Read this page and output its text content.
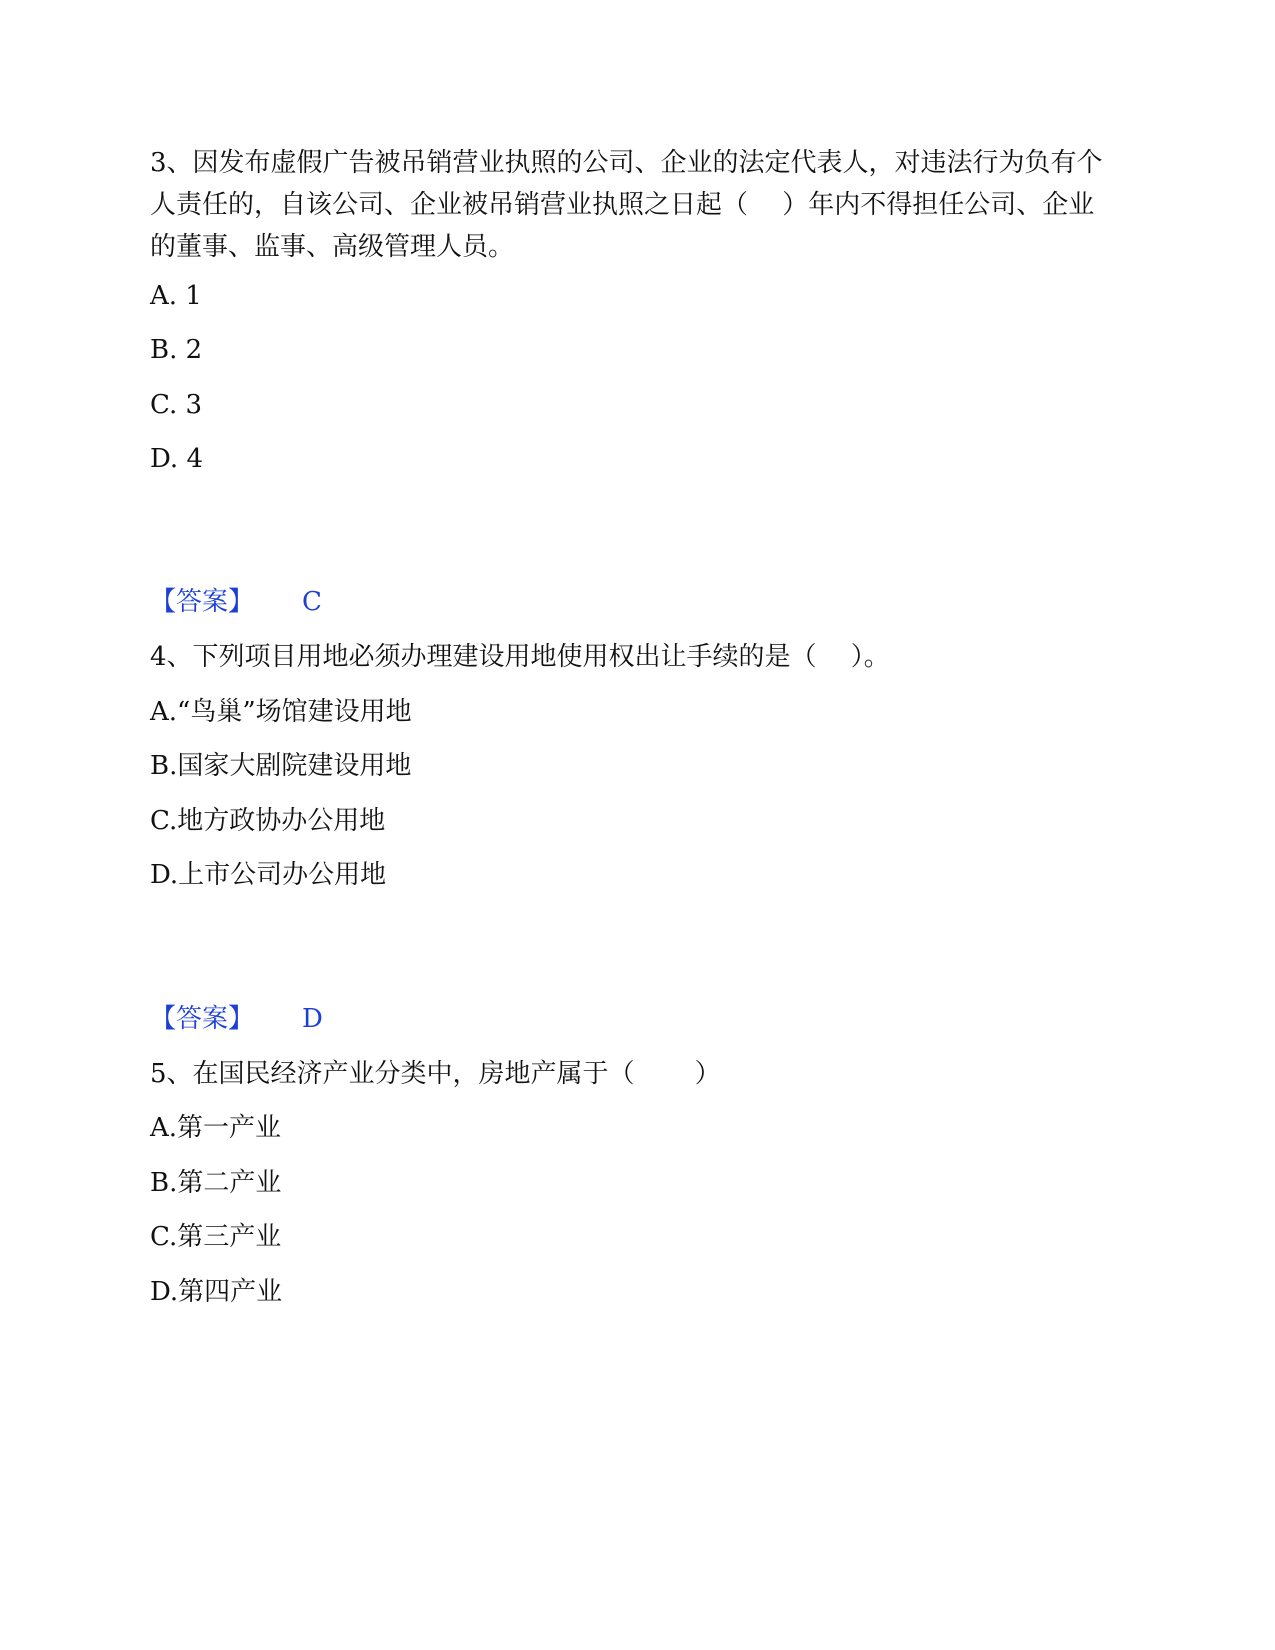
3、因发布虚假广告被吊销营业执照的公司、企业的法定代表人，对违法行为负有个人责任的，自该公司、企业被吊销营业执照之日起（　 ）年内不得担任公司、企业的董事、监事、高级管理人员。
A. 1
B. 2
C. 3
D. 4
【答案】 C
4、下列项目用地必须办理建设用地使用权出让手续的是（　 ）。
A.“鸟巢”场馆建设用地
B.国家大剧院建设用地
C.地方政协办公用地
D.上市公司办公用地
【答案】 D
5、在国民经济产业分类中，房地产属于（　　 ）
A.第一产业
B.第二产业
C.第三产业
D.第四产业
